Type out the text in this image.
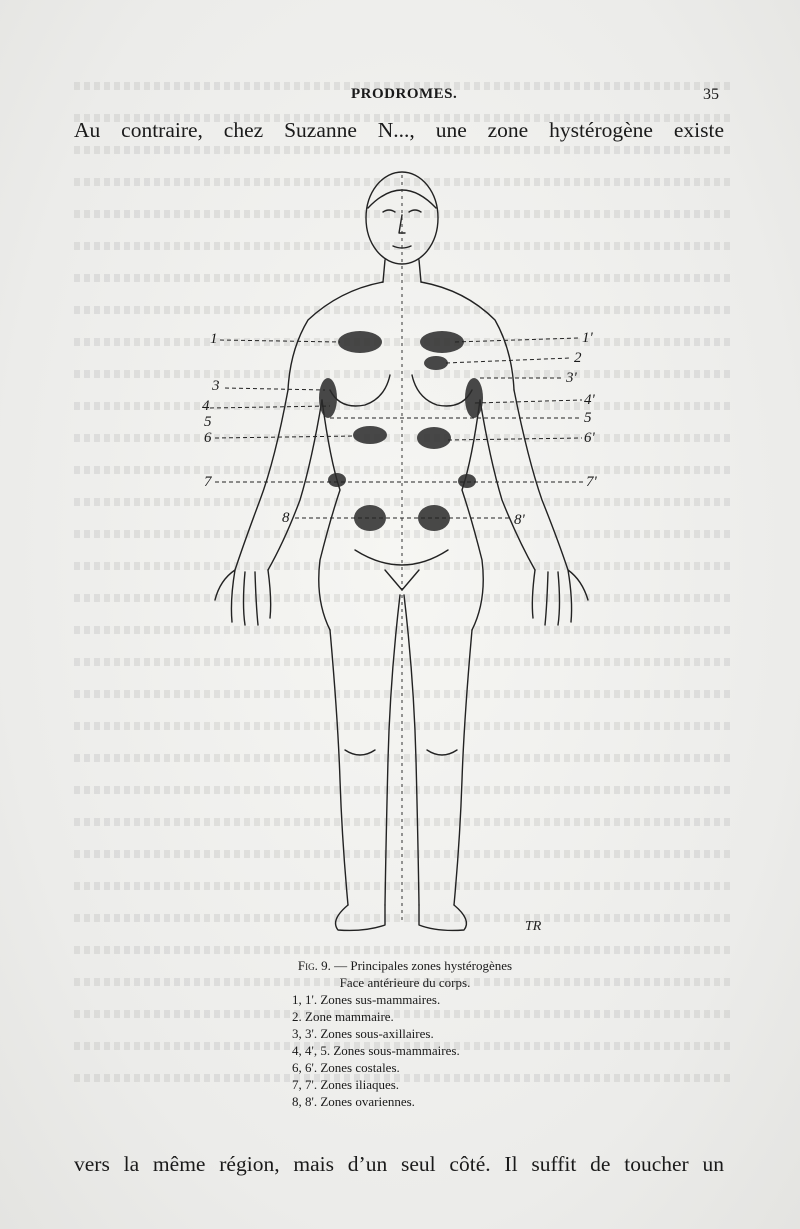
PRODROMES.	35
Au contraire, chez Suzanne N..., une zone hystérogène existe
1
3
4
5
6
7
8
1'
2
3'
4'
5
6'
7'
8'
TR
Fig. 9. — Principales zones hystérogènes
Face antérieure du corps.
1, 1'. Zones sus-mammaires.
2. Zone mammaire.
3, 3'. Zones sous-axillaires.
4, 4', 5. Zones sous-mammaires.
6, 6'. Zones costales.
7, 7'. Zones iliaques.
8, 8'. Zones ovariennes.
vers la même région, mais d’un seul côté. Il suffit de toucher un
